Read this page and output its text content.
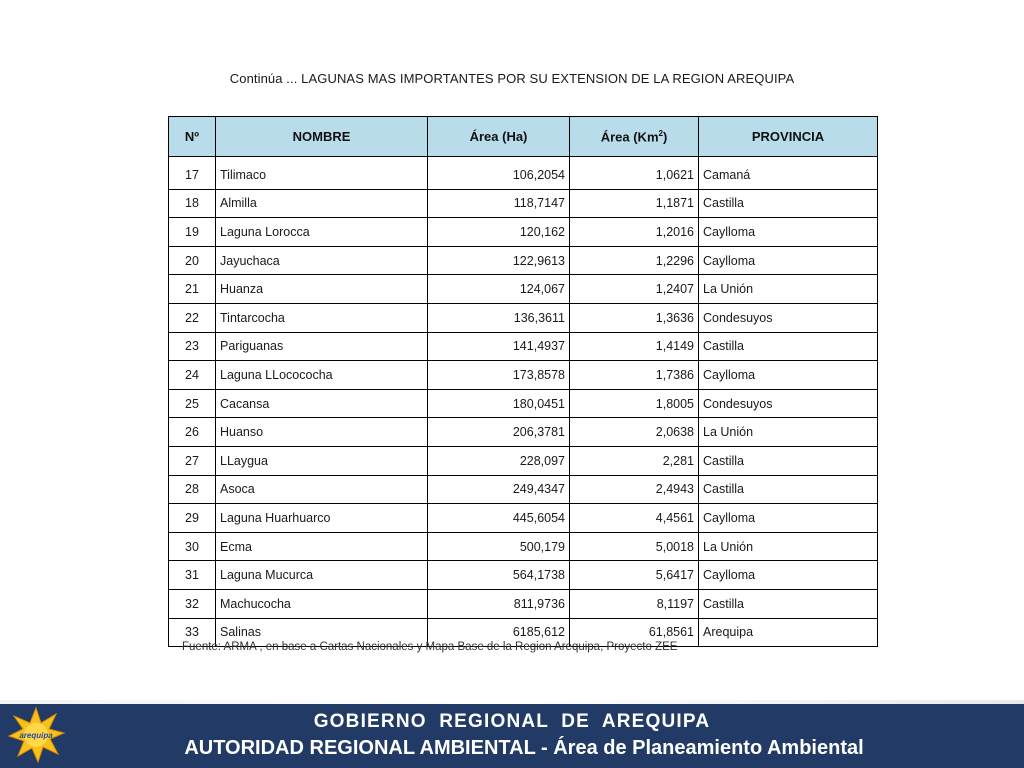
Continúa ... LAGUNAS MAS IMPORTANTES POR SU EXTENSION DE LA REGION AREQUIPA
Nº	NOMBRE	Área (Ha)	Área (Km$^2$)	PROVINCIA
17	Tilimaco	106,2054	1,0621	Camaná
18	Almilla	118,7147	1,1871	Castilla
19	Laguna Lorocca	120,162	1,2016	Caylloma
20	Jayuchaca	122,9613	1,2296	Caylloma
21	Huanza	124,067	1,2407	La Unión
22	Tintarcocha	136,3611	1,3636	Condesuyos
23	Pariguanas	141,4937	1,4149	Castilla
24	Laguna LLocococha	173,8578	1,7386	Caylloma
25	Cacansa	180,0451	1,8005	Condesuyos
26	Huanso	206,3781	2,0638	La Unión
27	LLaygua	228,097	2,281	Castilla
28	Asoca	249,4347	2,4943	Castilla
29	Laguna Huarhuarco	445,6054	4,4561	Caylloma
30	Ecma	500,179	5,0018	La Unión
31	Laguna Mucurca	564,1738	5,6417	Caylloma
32	Machucocha	811,9736	8,1197	Castilla
33	Salinas	6185,612	61,8561	Arequipa
Fuente: ARMA , en base a Cartas Nacionales y Mapa Base de la Region Arequipa, Proyecto ZEE
arequipa
GOBIERNO REGIONAL DE AREQUIPA
AUTORIDAD REGIONAL AMBIENTAL - Área de Planeamiento Ambiental
